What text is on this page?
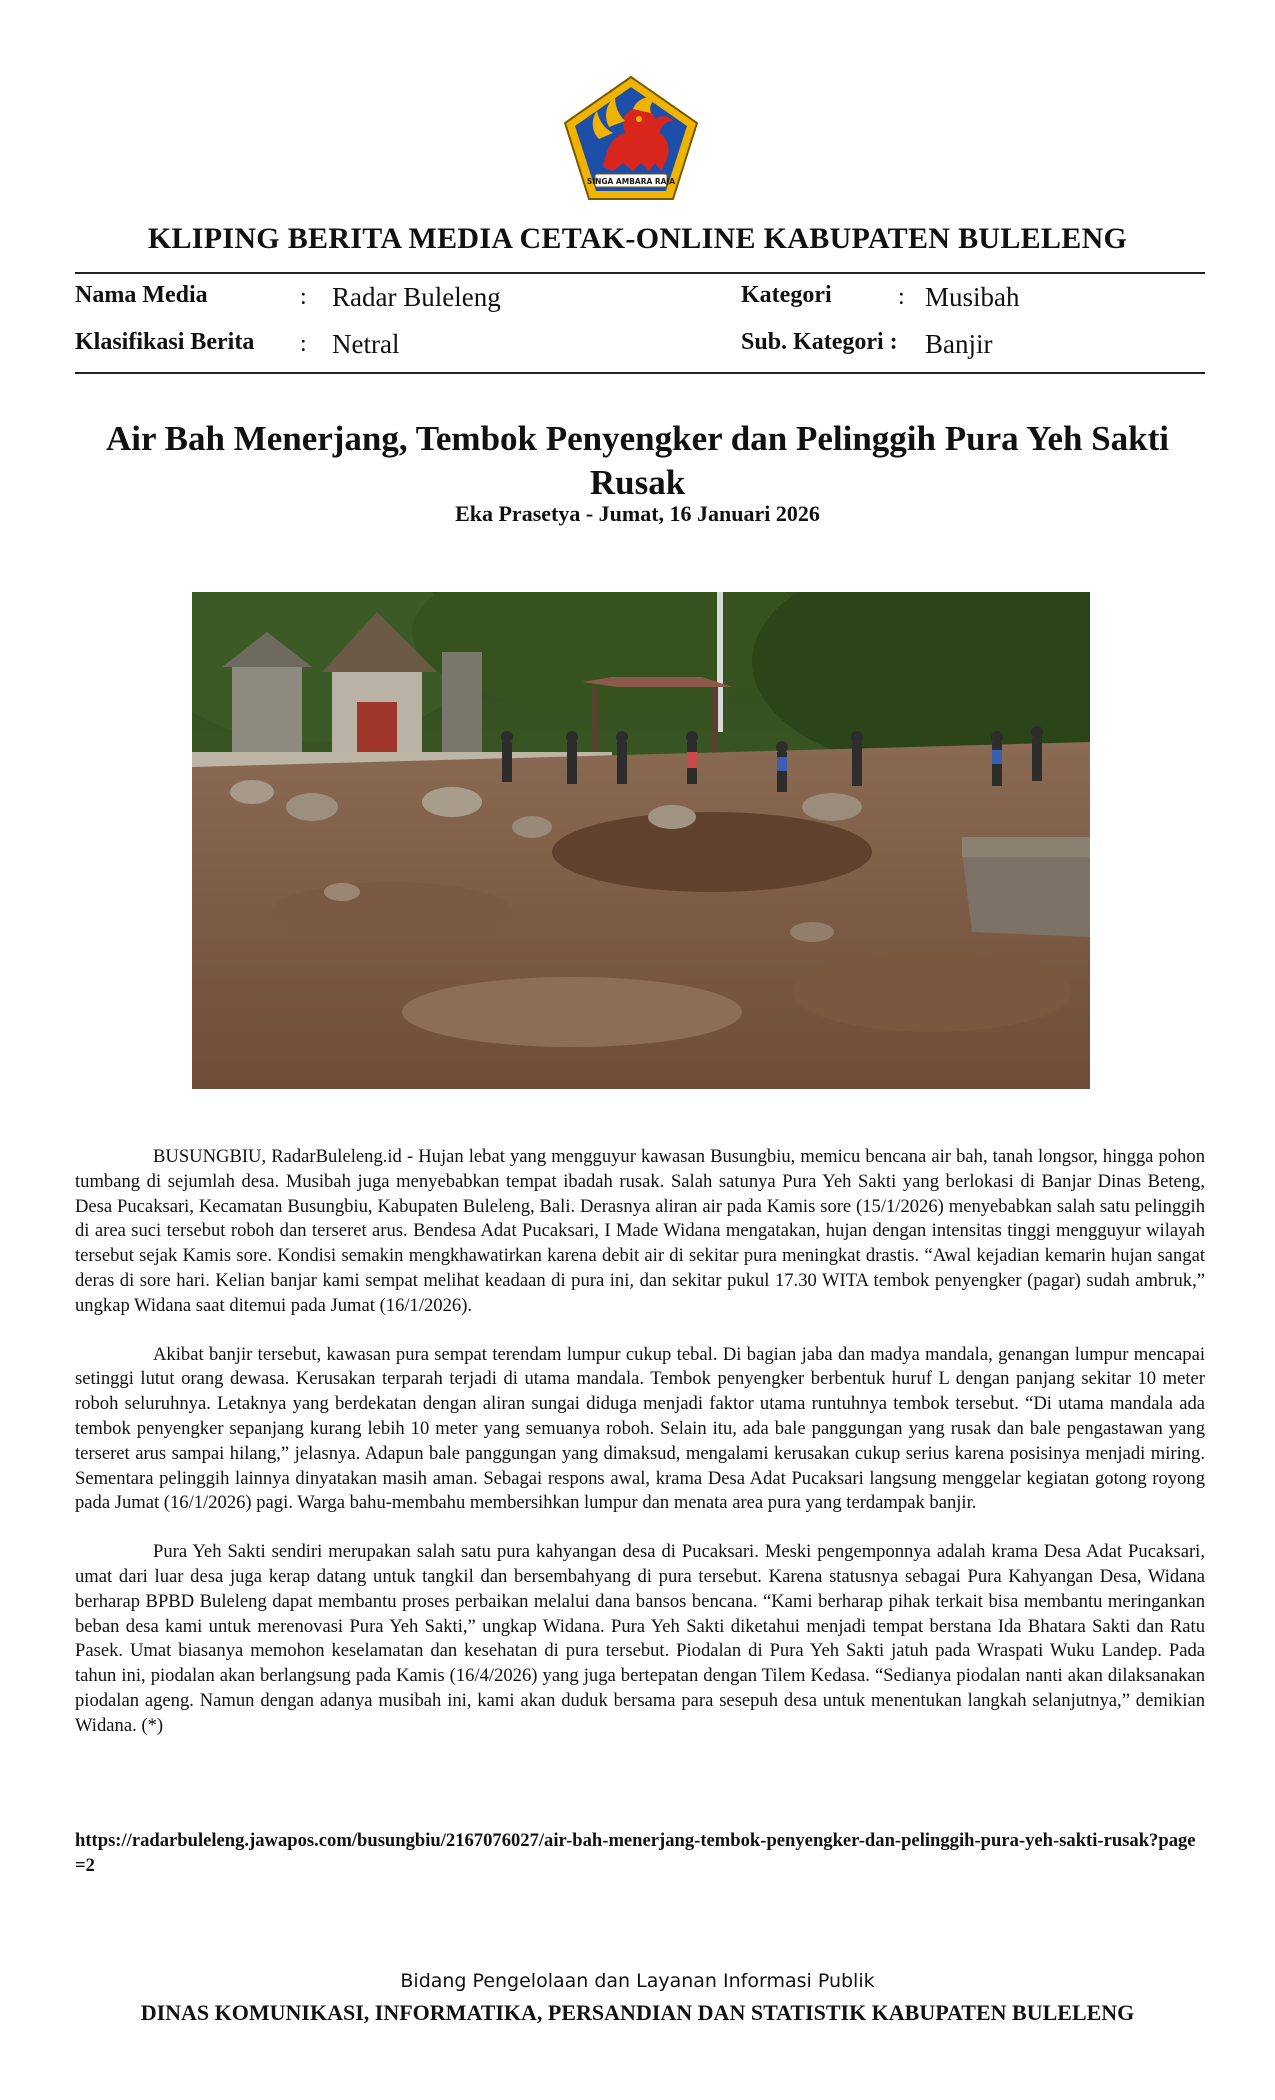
SINGA AMBARA RAJA
KLIPING BERITA MEDIA CETAK-ONLINE KABUPATEN BULELENG
Nama Media	: Radar Buleleng	Kategori	: Musibah
Klasifikasi Berita : Netral	Sub. Kategori : Banjir
Air Bah Menerjang, Tembok Penyengker dan Pelinggih Pura Yeh Sakti Rusak
Eka Prasetya - Jumat, 16 Januari 2026

BUSUNGBIU, RadarBuleleng.id - Hujan lebat yang mengguyur kawasan Busungbiu, memicu bencana air bah, tanah longsor, hingga pohon tumbang di sejumlah desa. Musibah juga menyebabkan tempat ibadah rusak. Salah satunya Pura Yeh Sakti yang berlokasi di Banjar Dinas Beteng, Desa Pucaksari, Kecamatan Busungbiu, Kabupaten Buleleng, Bali. Derasnya aliran air pada Kamis sore (15/1/2026) menyebabkan salah satu pelinggih di area suci tersebut roboh dan terseret arus. Bendesa Adat Pucaksari, I Made Widana mengatakan, hujan dengan intensitas tinggi mengguyur wilayah tersebut sejak Kamis sore. Kondisi semakin mengkhawatirkan karena debit air di sekitar pura meningkat drastis. “Awal kejadian kemarin hujan sangat deras di sore hari. Kelian banjar kami sempat melihat keadaan di pura ini, dan sekitar pukul 17.30 WITA tembok penyengker (pagar) sudah ambruk,” ungkap Widana saat ditemui pada Jumat (16/1/2026).

Akibat banjir tersebut, kawasan pura sempat terendam lumpur cukup tebal. Di bagian jaba dan madya mandala, genangan lumpur mencapai setinggi lutut orang dewasa. Kerusakan terparah terjadi di utama mandala. Tembok penyengker berbentuk huruf L dengan panjang sekitar 10 meter roboh seluruhnya. Letaknya yang berdekatan dengan aliran sungai diduga menjadi faktor utama runtuhnya tembok tersebut. “Di utama mandala ada tembok penyengker sepanjang kurang lebih 10 meter yang semuanya roboh. Selain itu, ada bale panggungan yang rusak dan bale pengastawan yang terseret arus sampai hilang,” jelasnya. Adapun bale panggungan yang dimaksud, mengalami kerusakan cukup serius karena posisinya menjadi miring. Sementara pelinggih lainnya dinyatakan masih aman. Sebagai respons awal, krama Desa Adat Pucaksari langsung menggelar kegiatan gotong royong pada Jumat (16/1/2026) pagi. Warga bahu-membahu membersihkan lumpur dan menata area pura yang terdampak banjir.

Pura Yeh Sakti sendiri merupakan salah satu pura kahyangan desa di Pucaksari. Meski pengemponnya adalah krama Desa Adat Pucaksari, umat dari luar desa juga kerap datang untuk tangkil dan bersembahyang di pura tersebut. Karena statusnya sebagai Pura Kahyangan Desa, Widana berharap BPBD Buleleng dapat membantu proses perbaikan melalui dana bansos bencana. “Kami berharap pihak terkait bisa membantu meringankan beban desa kami untuk merenovasi Pura Yeh Sakti,” ungkap Widana. Pura Yeh Sakti diketahui menjadi tempat berstana Ida Bhatara Sakti dan Ratu Pasek. Umat biasanya memohon keselamatan dan kesehatan di pura tersebut. Piodalan di Pura Yeh Sakti jatuh pada Wraspati Wuku Landep. Pada tahun ini, piodalan akan berlangsung pada Kamis (16/4/2026) yang juga bertepatan dengan Tilem Kedasa. “Sedianya piodalan nanti akan dilaksanakan piodalan ageng. Namun dengan adanya musibah ini, kami akan duduk bersama para sesepuh desa untuk menentukan langkah selanjutnya,” demikian Widana. (*)

https://radarbuleleng.jawapos.com/busungbiu/2167076027/air-bah-menerjang-tembok-penyengker-dan-pelinggih-pura-yeh-sakti-rusak?page=2
Bidang Pengelolaan dan Layanan Informasi Publik
DINAS KOMUNIKASI, INFORMATIKA, PERSANDIAN DAN STATISTIK KABUPATEN BULELENG
